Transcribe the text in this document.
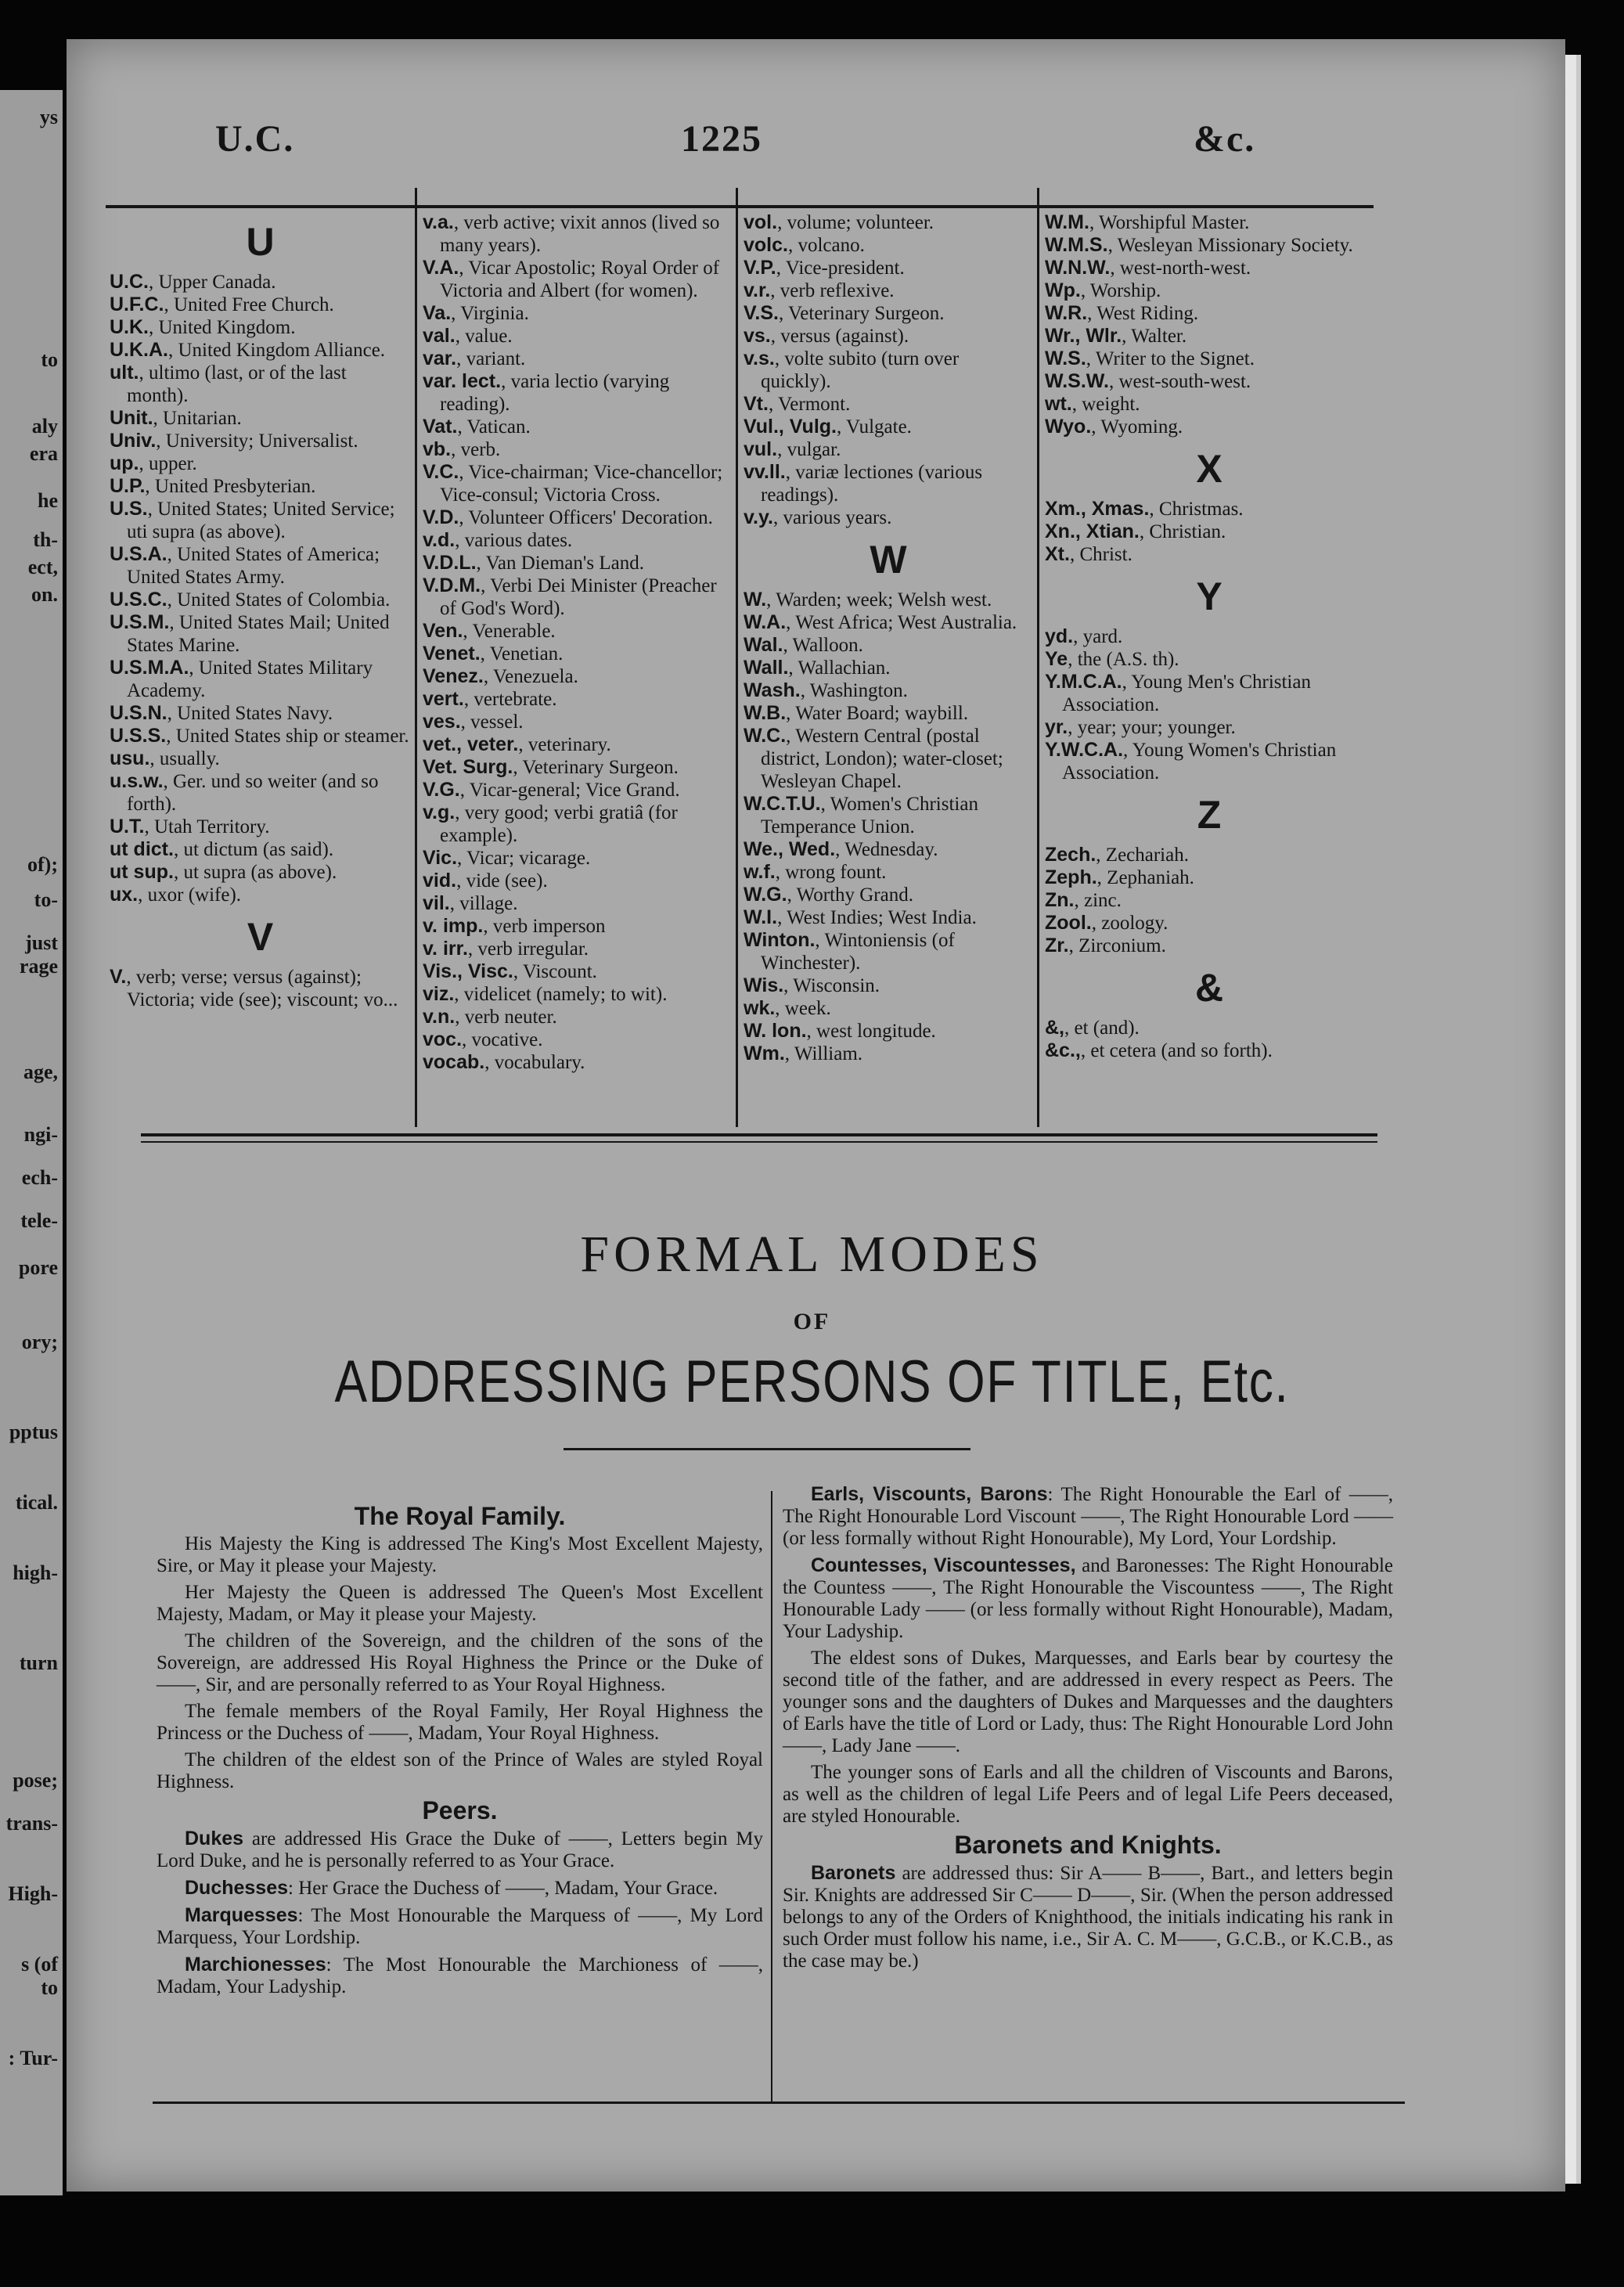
ys
to
aly
era
he
th-
ect,
on.
of);
to-
just
rage
age,
ngi-
ech-
tele-
pore
ory;
pptus
tical.
high-
turn
pose;
trans-
High-
s (of
to
: Tur-
U.C.	1225	&c.
U

U.C., Upper Canada.

U.F.C., United Free Church.

U.K., United Kingdom.

U.K.A., United Kingdom Alliance.

ult., ultimo (last, or of the last month).

Unit., Unitarian.

Univ., University; Universalist.

up., upper.

U.P., United Presbyterian.

U.S., United States; United Service; uti supra (as above).

U.S.A., United States of America; United States Army.

U.S.C., United States of Colombia.

U.S.M., United States Mail; United States Marine.

U.S.M.A., United States Military Academy.

U.S.N., United States Navy.

U.S.S., United States ship or steamer.

usu., usually.

u.s.w., Ger. und so weiter (and so forth).

U.T., Utah Territory.

ut dict., ut dictum (as said).

ut sup., ut supra (as above).

ux., uxor (wife).

V

V., verb; verse; versus (against); Victoria; vide (see); viscount; vo...

v.a., verb active; vixit annos (lived so many years).

V.A., Vicar Apostolic; Royal Order of Victoria and Albert (for women).

Va., Virginia.

val., value.

var., variant.

var. lect., varia lectio (varying reading).

Vat., Vatican.

vb., verb.

V.C., Vice-chairman; Vice-chancellor; Vice-consul; Victoria Cross.

V.D., Volunteer Officers' Decoration.

v.d., various dates.

V.D.L., Van Dieman's Land.

V.D.M., Verbi Dei Minister (Preacher of God's Word).

Ven., Venerable.

Venet., Venetian.

Venez., Venezuela.

vert., vertebrate.

ves., vessel.

vet., veter., veterinary.

Vet. Surg., Veterinary Surgeon.

V.G., Vicar-general; Vice Grand.

v.g., very good; verbi gratiâ (for example).

Vic., Vicar; vicarage.

vid., vide (see).

vil., village.

v. imp., verb imperson

v. irr., verb irregular.

Vis., Visc., Viscount.

viz., videlicet (namely; to wit).

v.n., verb neuter.

voc., vocative.

vocab., vocabulary.

vol., volume; volunteer.

volc., volcano.

V.P., Vice-president.

v.r., verb reflexive.

V.S., Veterinary Surgeon.

vs., versus (against).

v.s., volte subito (turn over quickly).

Vt., Vermont.

Vul., Vulg., Vulgate.

vul., vulgar.

vv.ll., variæ lectiones (various readings).

v.y., various years.

W

W., Warden; week; Welsh west.

W.A., West Africa; West Australia.

Wal., Walloon.

Wall., Wallachian.

Wash., Washington.

W.B., Water Board; waybill.

W.C., Western Central (postal district, London); water-closet; Wesleyan Chapel.

W.C.T.U., Women's Christian Temperance Union.

We., Wed., Wednesday.

w.f., wrong fount.

W.G., Worthy Grand.

W.I., West Indies; West India.

Winton., Wintoniensis (of Winchester).

Wis., Wisconsin.

wk., week.

W. lon., west longitude.

Wm., William.

W.M., Worshipful Master.

W.M.S., Wesleyan Missionary Society.

W.N.W., west-north-west.

Wp., Worship.

W.R., West Riding.

Wr., Wlr., Walter.

W.S., Writer to the Signet.

W.S.W., west-south-west.

wt., weight.

Wyo., Wyoming.

X

Xm., Xmas., Christmas.

Xn., Xtian., Christian.

Xt., Christ.

Y

yd., yard.

Ye, the (A.S. th).

Y.M.C.A., Young Men's Christian Association.

yr., year; your; younger.

Y.W.C.A., Young Women's Christian Association.

Z

Zech., Zechariah.

Zeph., Zephaniah.

Zn., zinc.

Zool., zoology.

Zr., Zirconium.

&

&,, et (and).

&c.,, et cetera (and so forth).

FORMAL MODES
OF
ADDRESSING PERSONS OF TITLE, Etc.
The Royal Family.

His Majesty the King is addressed The King's Most Excellent Majesty, Sire, or May it please your Majesty.

Her Majesty the Queen is addressed The Queen's Most Excellent Majesty, Madam, or May it please your Majesty.

The children of the Sovereign, and the children of the sons of the Sovereign, are addressed His Royal Highness the Prince or the Duke of ——, Sir, and are personally referred to as Your Royal Highness.

The female members of the Royal Family, Her Royal Highness the Princess or the Duchess of ——, Madam, Your Royal Highness.

The children of the eldest son of the Prince of Wales are styled Royal Highness.

Peers.

Dukes are addressed His Grace the Duke of ——, Letters begin My Lord Duke, and he is personally referred to as Your Grace.

Duchesses: Her Grace the Duchess of ——, Madam, Your Grace.

Marquesses: The Most Honourable the Marquess of ——, My Lord Marquess, Your Lordship.

Marchionesses: The Most Honourable the Marchioness of ——, Madam, Your Ladyship.

Earls, Viscounts, Barons: The Right Honourable the Earl of ——, The Right Honourable Lord Viscount ——, The Right Honourable Lord —— (or less formally without Right Honourable), My Lord, Your Lordship.

Countesses, Viscountesses, and Baronesses: The Right Honourable the Countess ——, The Right Honourable the Viscountess ——, The Right Honourable Lady —— (or less formally without Right Honourable), Madam, Your Ladyship.

The eldest sons of Dukes, Marquesses, and Earls bear by courtesy the second title of the father, and are addressed in every respect as Peers. The younger sons and the daughters of Dukes and Marquesses and the daughters of Earls have the title of Lord or Lady, thus: The Right Honourable Lord John ——, Lady Jane ——.

The younger sons of Earls and all the children of Viscounts and Barons, as well as the children of legal Life Peers and of legal Life Peers deceased, are styled Honourable.

Baronets and Knights.

Baronets are addressed thus: Sir A—— B——, Bart., and letters begin Sir. Knights are addressed Sir C—— D——, Sir. (When the person addressed belongs to any of the Orders of Knighthood, the initials indicating his rank in such Order must follow his name, i.e., Sir A. C. M——, G.C.B., or K.C.B., as the case may be.)
